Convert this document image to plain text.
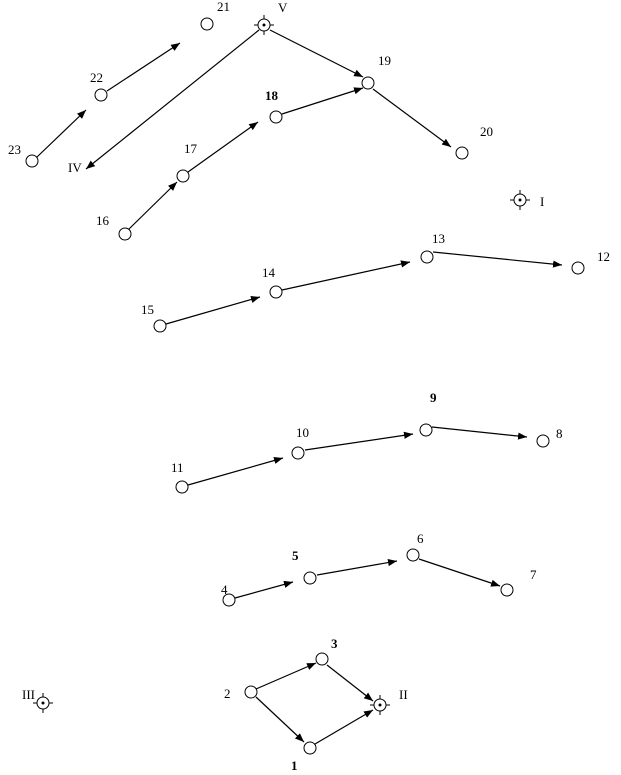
1
2
3
4
5
6
7
8
9
10
11
12
13
14
15
16
17
18
19
20
21
22
23
I
II
III
IV
V
